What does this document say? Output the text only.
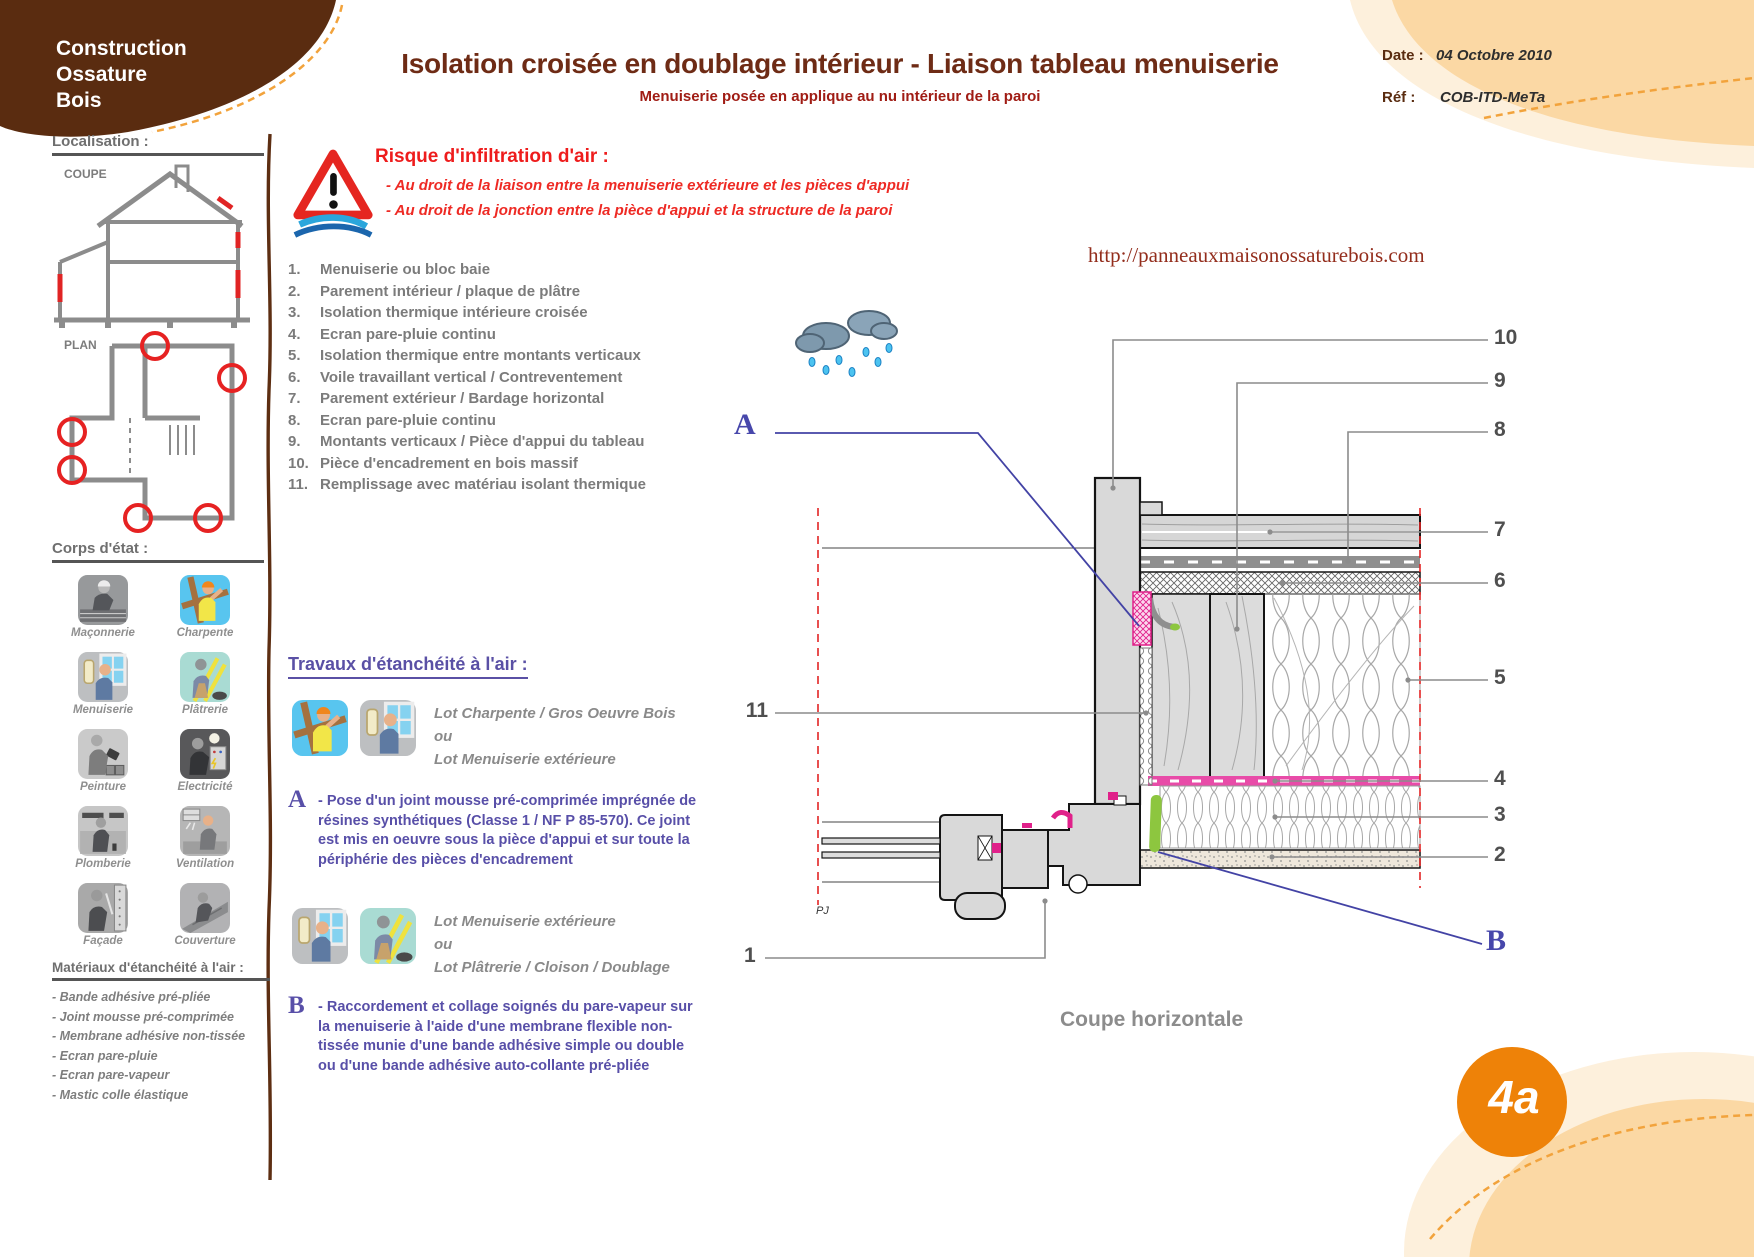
Construction
Ossature
Bois
Date : 04 Octobre 2010
Réf : COB-ITD-MeTa
Isolation croisée en doublage intérieur - Liaison tableau menuiserie
Menuiserie posée en applique au nu intérieur de la paroi
Localisation :
COUPE
PLAN
Corps d'état :
Maçonnerie	Charpente
Menuiserie	Plâtrerie
Peinture	Electricité
Plomberie	Ventilation
Façade	Couverture
Matériaux d'étanchéité à l'air :
- Bande adhésive pré-pliée
- Joint mousse pré-comprimée
- Membrane adhésive non-tissée
- Ecran pare-pluie
- Ecran pare-vapeur
- Mastic colle élastique
Risque d'infiltration d'air :
- Au droit de la liaison entre la menuiserie extérieure et les pièces d'appui
- Au droit de la jonction entre la pièce d'appui et la structure de la paroi
http://panneauxmaisonossaturebois.com
1.	Menuiserie ou bloc baie
2.	Parement intérieur / plaque de plâtre
3.	Isolation thermique intérieure croisée
4.	Ecran pare-pluie continu
5.	Isolation thermique entre montants verticaux
6.	Voile travaillant vertical / Contreventement
7.	Parement extérieur / Bardage horizontal
8.	Ecran pare-pluie continu
9.	Montants verticaux / Pièce d'appui du tableau
10. Pièce d'encadrement en bois massif
11. Remplissage avec matériau isolant thermique
Travaux d'étanchéité à l'air :
Lot Charpente / Gros Oeuvre Bois
ou
Lot Menuiserie extérieure
A - Pose d'un joint mousse pré-comprimée imprégnée de résines synthétiques (Classe 1 / NF P 85-570). Ce joint est mis en oeuvre sous la pièce d'appui et sur toute la périphérie des pièces d'encadrement
Lot Menuiserie extérieure
ou
Lot Plâtrerie / Cloison / Doublage
B - Raccordement et collage soignés du pare-vapeur sur la menuiserie à l'aide d'une membrane flexible non-tissée munie d'une bande adhésive simple ou double ou d'une bande adhésive auto-collante pré-pliée
PJ
10
9
8
7
6
5
4
3
2
11
1
A
B
Coupe horizontale
4a
